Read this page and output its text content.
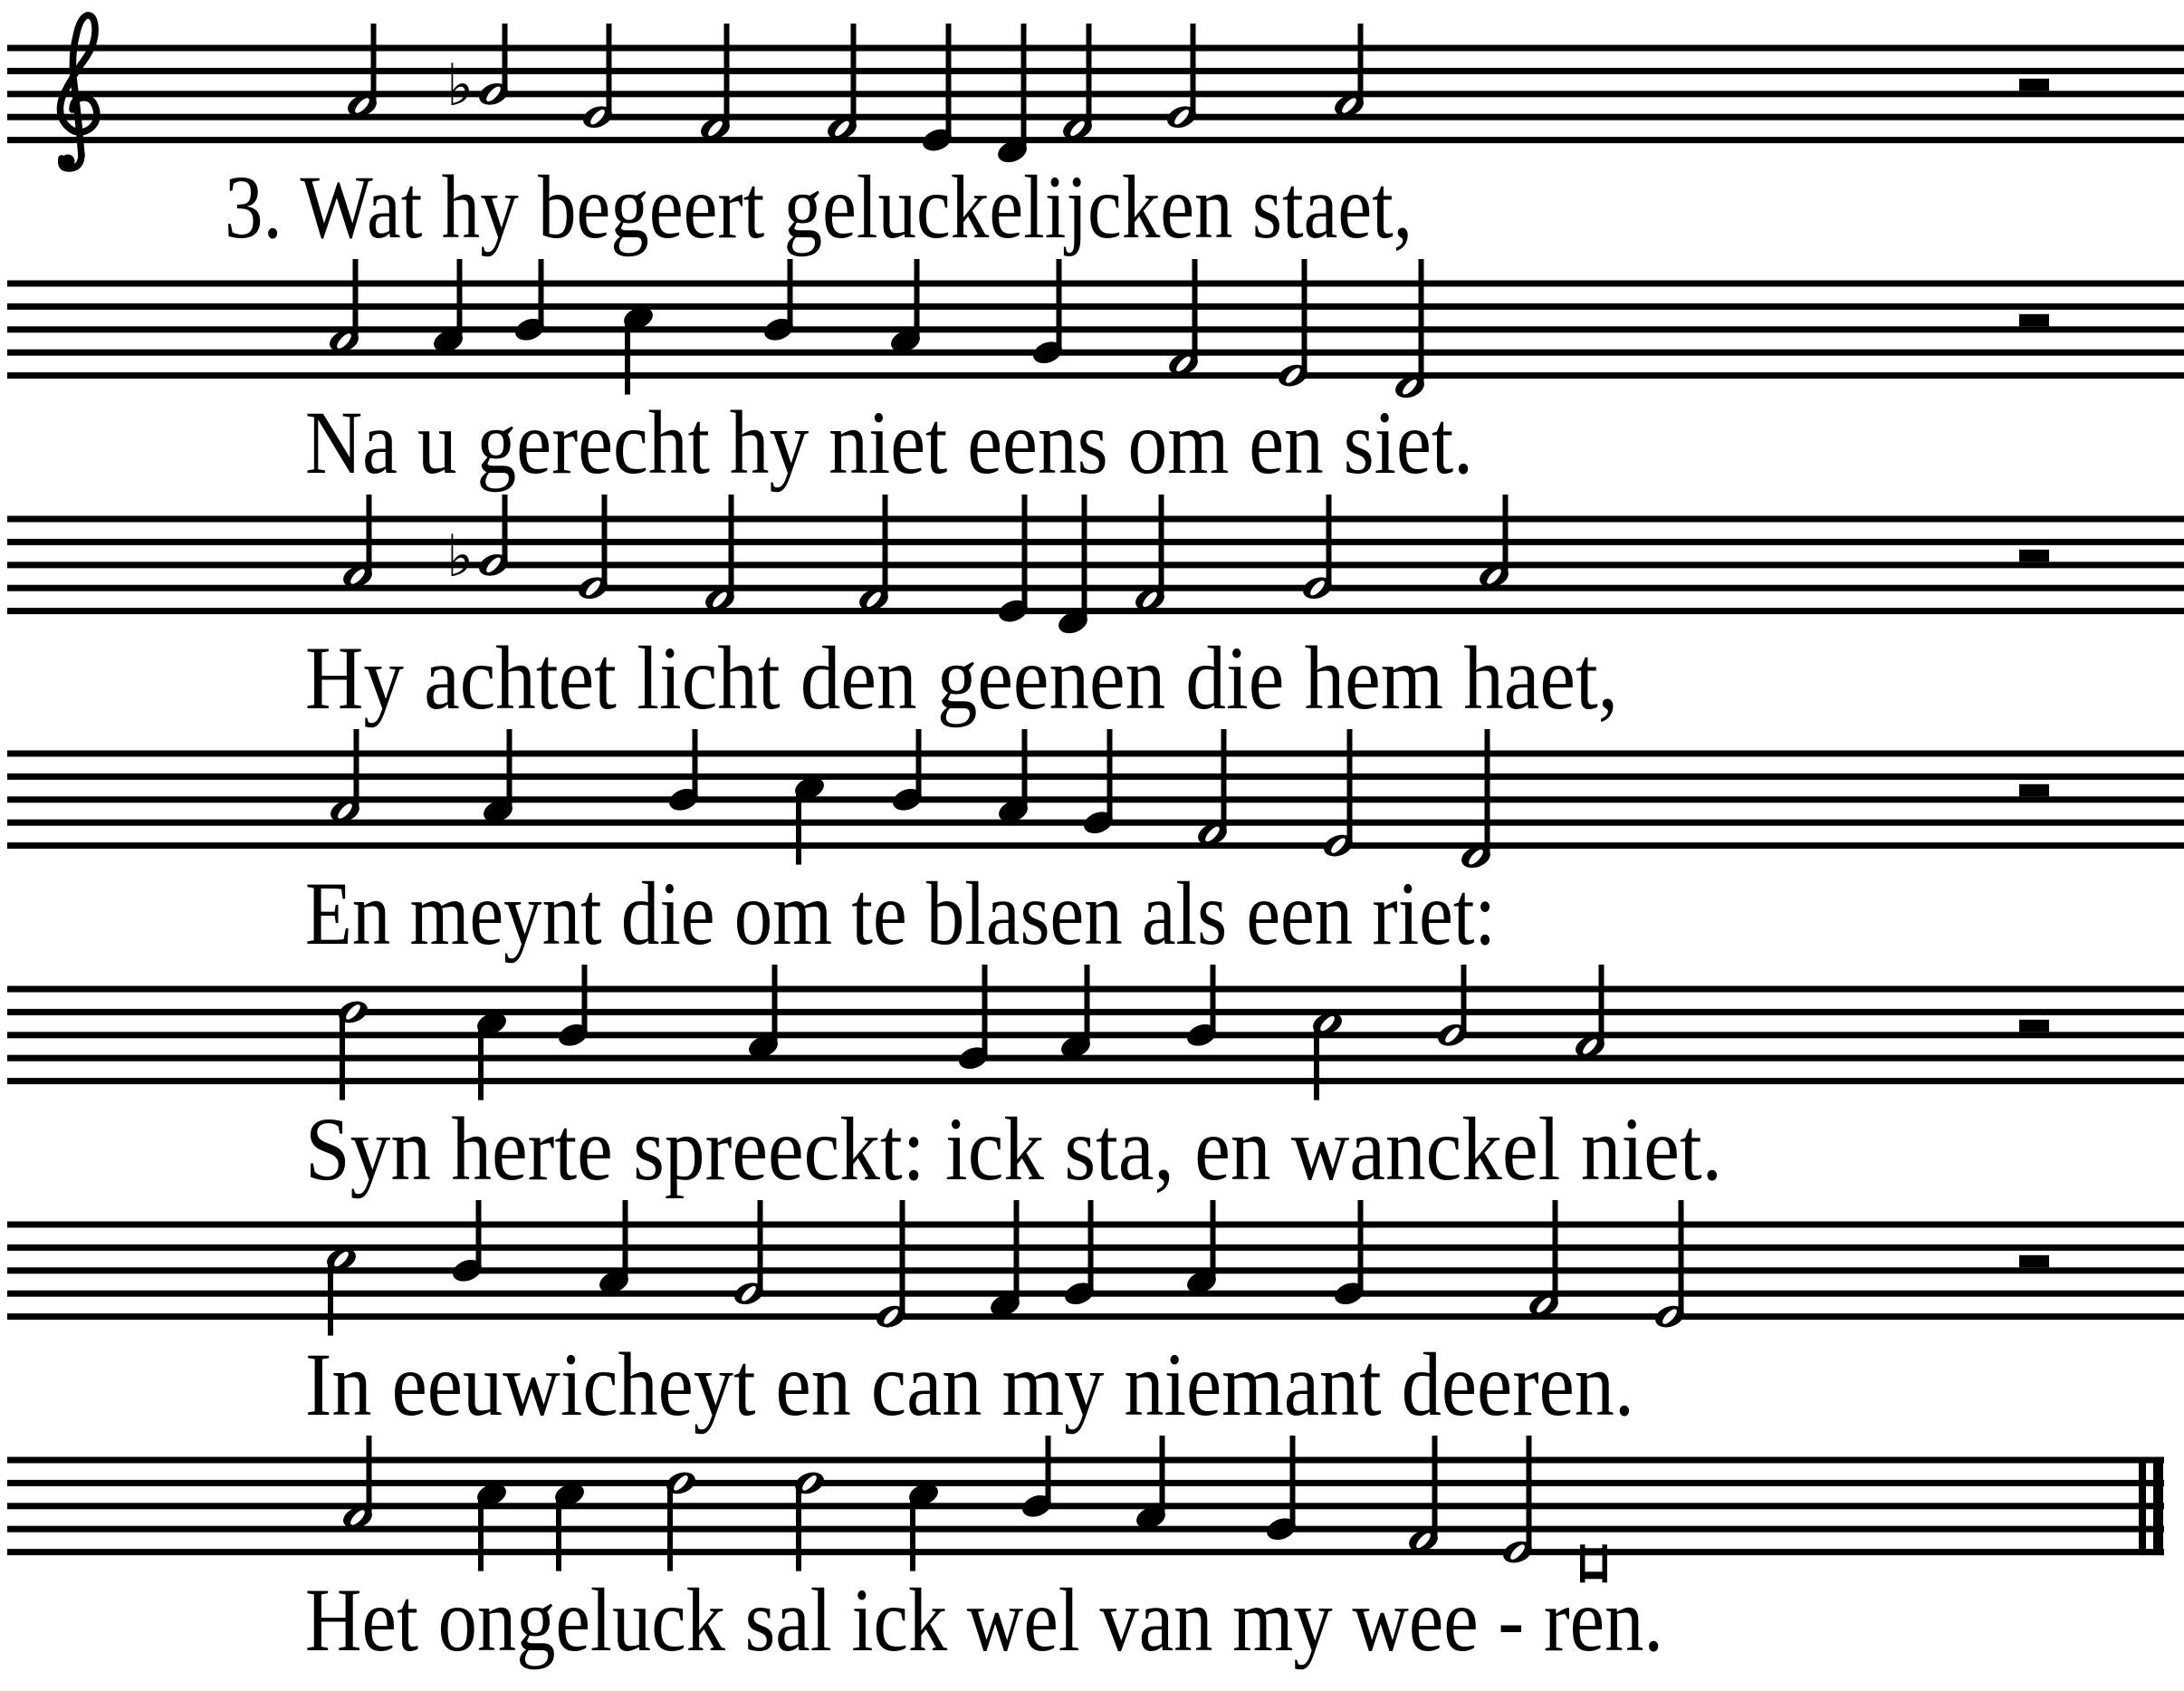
♭
♭
3. Wat hy begeert geluckelijcken staet,
Na u gerecht hy niet eens om en siet.
Hy achtet licht den geenen die hem haet,
En meynt die om te blasen als een riet:
Syn herte spreeckt: ick sta, en wanckel niet.
In eeuwicheyt en can my niemant deeren.
Het ongeluck sal ick wel van my wee - ren.
